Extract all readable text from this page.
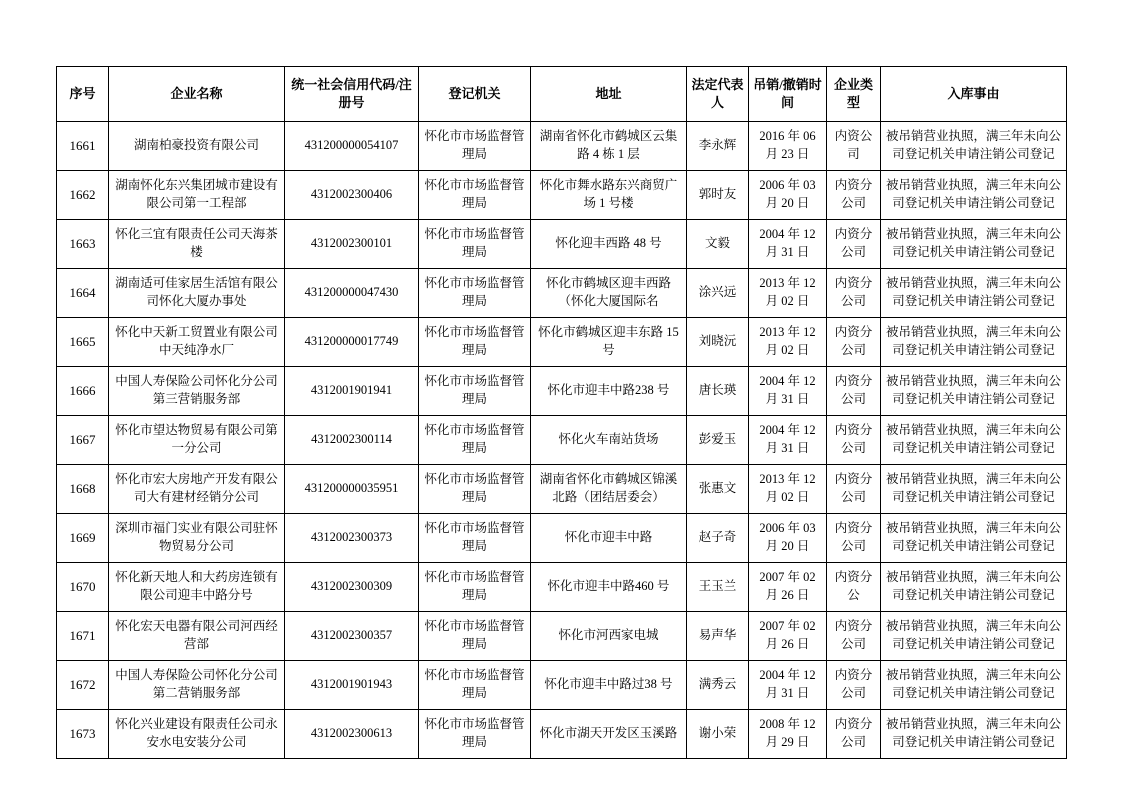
序号	企业名称	统一社会信用代码/注册号	登记机关	地址	法定代表人	吊销/撤销时间	企业类型	入库事由
1661	湖南柏豪投资有限公司	431200000054107	怀化市市场监督管理局	湖南省怀化市鹤城区云集路 4 栋 1 层	李永辉	2016 年 06 月 23 日	内资公司	被吊销营业执照，满三年未向公司登记机关申请注销公司登记
1662	湖南怀化东兴集团城市建设有限公司第一工程部	4312002300406	怀化市市场监督管理局	怀化市舞水路东兴商贸广场 1 号楼	郭时友	2006 年 03 月 20 日	内资分公司	被吊销营业执照，满三年未向公司登记机关申请注销公司登记
1663	怀化三宜有限责任公司天海茶楼	4312002300101	怀化市市场监督管理局	怀化迎丰西路 48 号	文毅	2004 年 12 月 31 日	内资分公司	被吊销营业执照，满三年未向公司登记机关申请注销公司登记
1664	湖南适可佳家居生活馆有限公司怀化大厦办事处	431200000047430	怀化市市场监督管理局	怀化市鹤城区迎丰西路（怀化大厦国际名	涂兴远	2013 年 12 月 02 日	内资分公司	被吊销营业执照，满三年未向公司登记机关申请注销公司登记
1665	怀化中天新工贸置业有限公司中天纯净水厂	431200000017749	怀化市市场监督管理局	怀化市鹤城区迎丰东路 15 号	刘晓沅	2013 年 12 月 02 日	内资分公司	被吊销营业执照，满三年未向公司登记机关申请注销公司登记
1666	中国人寿保险公司怀化分公司第三营销服务部	4312001901941	怀化市市场监督管理局	怀化市迎丰中路238 号	唐长瑛	2004 年 12 月 31 日	内资分公司	被吊销营业执照，满三年未向公司登记机关申请注销公司登记
1667	怀化市望达物贸易有限公司第一分公司	4312002300114	怀化市市场监督管理局	怀化火车南站货场	彭爱玉	2004 年 12 月 31 日	内资分公司	被吊销营业执照，满三年未向公司登记机关申请注销公司登记
1668	怀化市宏大房地产开发有限公司大有建材经销分公司	431200000035951	怀化市市场监督管理局	湖南省怀化市鹤城区锦溪北路（团结居委会）	张惠文	2013 年 12 月 02 日	内资分公司	被吊销营业执照，满三年未向公司登记机关申请注销公司登记
1669	深圳市福门实业有限公司驻怀物贸易分公司	4312002300373	怀化市市场监督管理局	怀化市迎丰中路	赵子奇	2006 年 03 月 20 日	内资分公司	被吊销营业执照，满三年未向公司登记机关申请注销公司登记
1670	怀化新天地人和大药房连锁有限公司迎丰中路分号	4312002300309	怀化市市场监督管理局	怀化市迎丰中路460 号	王玉兰	2007 年 02 月 26 日	内资分公	被吊销营业执照，满三年未向公司登记机关申请注销公司登记
1671	怀化宏天电器有限公司河西经营部	4312002300357	怀化市市场监督管理局	怀化市河西家电城	易声华	2007 年 02 月 26 日	内资分公司	被吊销营业执照，满三年未向公司登记机关申请注销公司登记
1672	中国人寿保险公司怀化分公司第二营销服务部	4312001901943	怀化市市场监督管理局	怀化市迎丰中路过38 号	满秀云	2004 年 12 月 31 日	内资分公司	被吊销营业执照，满三年未向公司登记机关申请注销公司登记
1673	怀化兴业建设有限责任公司永安水电安装分公司	4312002300613	怀化市市场监督管理局	怀化市湖天开发区玉溪路	谢小荣	2008 年 12 月 29 日	内资分公司	被吊销营业执照，满三年未向公司登记机关申请注销公司登记
